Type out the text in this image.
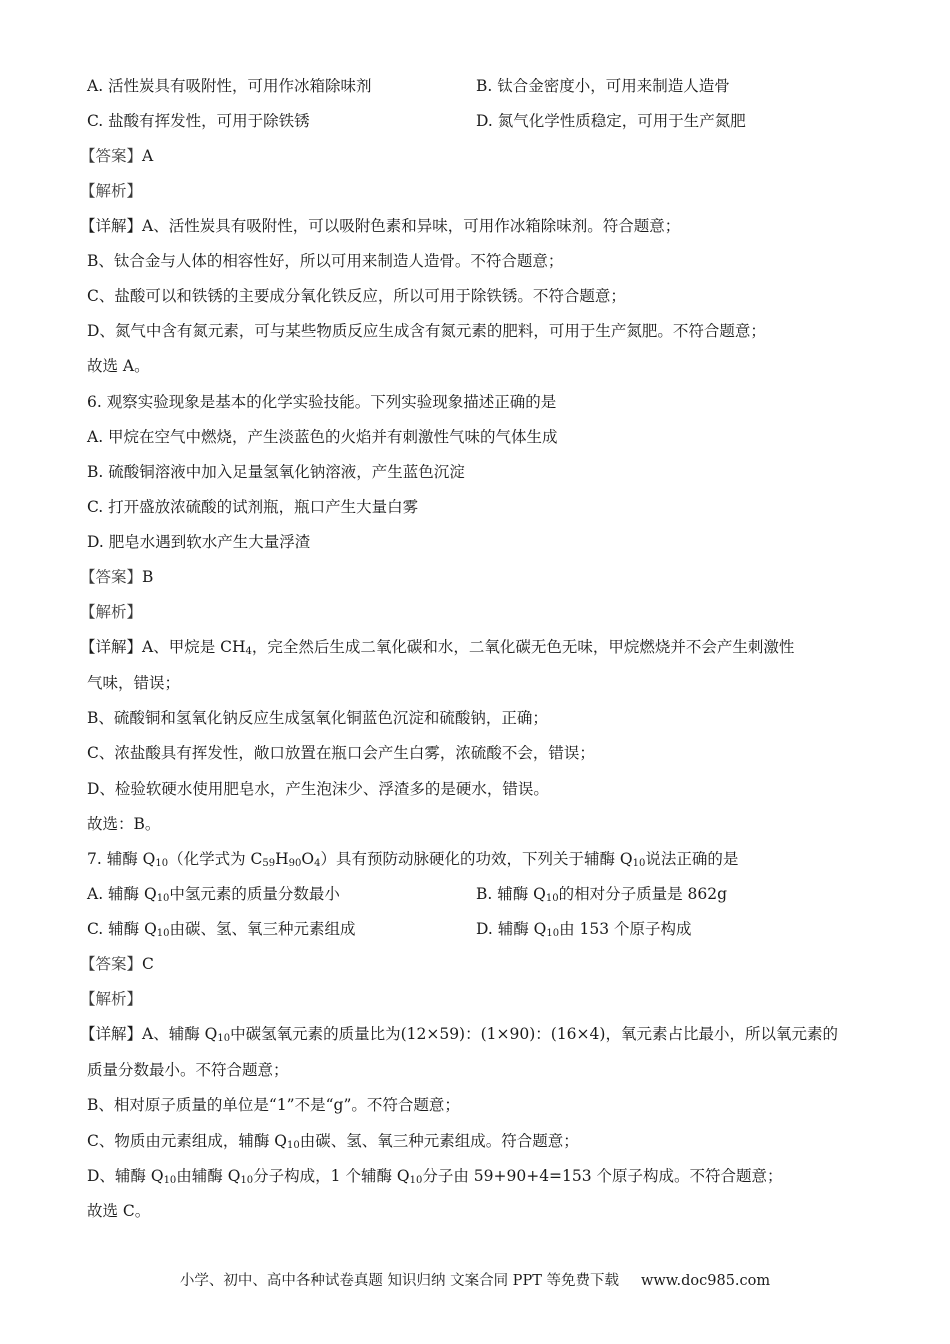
A. 活性炭具有吸附性，可用作冰箱除味剂	B. 钛合金密度小，可用来制造人造骨
C. 盐酸有挥发性，可用于除铁锈	D. 氮气化学性质稳定，可用于生产氮肥
【答案】A
【解析】
【详解】A、活性炭具有吸附性，可以吸附色素和异味，可用作冰箱除味剂。符合题意；
B、钛合金与人体的相容性好，所以可用来制造人造骨。不符合题意；
C、盐酸可以和铁锈的主要成分氧化铁反应，所以可用于除铁锈。不符合题意；
D、氮气中含有氮元素，可与某些物质反应生成含有氮元素的肥料，可用于生产氮肥。不符合题意；
故选 A。
6. 观察实验现象是基本的化学实验技能。下列实验现象描述正确的是
A. 甲烷在空气中燃烧，产生淡蓝色的火焰并有刺激性气味的气体生成
B. 硫酸铜溶液中加入足量氢氧化钠溶液，产生蓝色沉淀
C. 打开盛放浓硫酸的试剂瓶，瓶口产生大量白雾
D. 肥皂水遇到软水产生大量浮渣
【答案】B
【解析】
【详解】A、甲烷是 $CH_4$，完全然后生成二氧化碳和水，二氧化碳无色无味，甲烷燃烧并不会产生刺激性
气味，错误；
B、硫酸铜和氢氧化钠反应生成氢氧化铜蓝色沉淀和硫酸钠，正确；
C、浓盐酸具有挥发性，敞口放置在瓶口会产生白雾，浓硫酸不会，错误；
D、检验软硬水使用肥皂水，产生泡沫少、浮渣多的是硬水，错误。
故选：B。
7. 辅酶 $Q_{10}$（化学式为 $C_{59}H_{90}O_4$）具有预防动脉硬化的功效，下列关于辅酶 $Q_{10}$说法正确的是
A. 辅酶 $Q_{10}$中氢元素的质量分数最小	B. 辅酶 $Q_{10}$的相对分子质量是 862g
C. 辅酶 $Q_{10}$由碳、氢、氧三种元素组成	D. 辅酶 $Q_{10}$由 153 个原子构成
【答案】C
【解析】
【详解】A、辅酶 $Q_{10}$中碳氢氧元素的质量比为(12×59)：(1×90)：(16×4)，氧元素占比最小，所以氧元素的
质量分数最小。不符合题意；
B、相对原子质量的单位是“1”不是“g”。不符合题意；
C、物质由元素组成，辅酶 $Q_{10}$由碳、氢、氧三种元素组成。符合题意；
D、辅酶 $Q_{10}$由辅酶 $Q_{10}$分子构成，1 个辅酶 $Q_{10}$分子由 59+90+4=153 个原子构成。不符合题意；
故选 C。
小学、初中、高中各种试卷真题 知识归纳 文案合同 PPT 等免费下载 www.doc985.com
